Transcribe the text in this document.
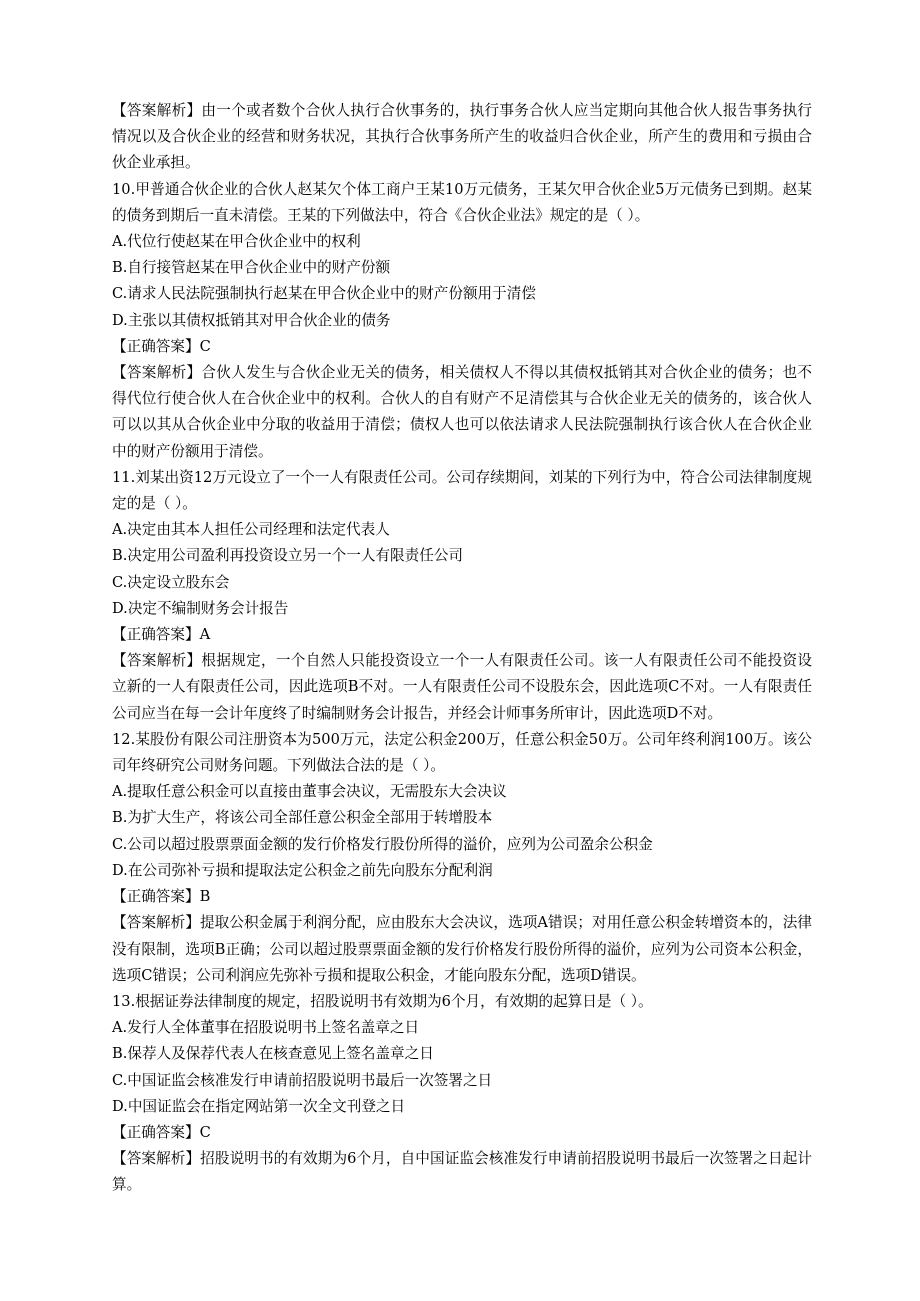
【答案解析】由一个或者数个合伙人执行合伙事务的，执行事务合伙人应当定期向其他合伙人报告事务执行情况以及合伙企业的经营和财务状况，其执行合伙事务所产生的收益归合伙企业，所产生的费用和亏损由合伙企业承担。

10.甲普通合伙企业的合伙人赵某欠个体工商户王某10万元债务，王某欠甲合伙企业5万元债务已到期。赵某的债务到期后一直未清偿。王某的下列做法中，符合《合伙企业法》规定的是（ ）。

A.代位行使赵某在甲合伙企业中的权利

B.自行接管赵某在甲合伙企业中的财产份额

C.请求人民法院强制执行赵某在甲合伙企业中的财产份额用于清偿

D.主张以其债权抵销其对甲合伙企业的债务

【正确答案】C

【答案解析】合伙人发生与合伙企业无关的债务，相关债权人不得以其债权抵销其对合伙企业的债务；也不得代位行使合伙人在合伙企业中的权利。合伙人的自有财产不足清偿其与合伙企业无关的债务的，该合伙人可以以其从合伙企业中分取的收益用于清偿；债权人也可以依法请求人民法院强制执行该合伙人在合伙企业中的财产份额用于清偿。

11.刘某出资12万元设立了一个一人有限责任公司。公司存续期间，刘某的下列行为中，符合公司法律制度规定的是（ ）。

A.决定由其本人担任公司经理和法定代表人

B.决定用公司盈利再投资设立另一个一人有限责任公司

C.决定设立股东会

D.决定不编制财务会计报告

【正确答案】A

【答案解析】根据规定，一个自然人只能投资设立一个一人有限责任公司。该一人有限责任公司不能投资设立新的一人有限责任公司，因此选项B不对。一人有限责任公司不设股东会，因此选项C不对。一人有限责任公司应当在每一会计年度终了时编制财务会计报告，并经会计师事务所审计，因此选项D不对。

12.某股份有限公司注册资本为500万元，法定公积金200万，任意公积金50万。公司年终利润100万。该公司年终研究公司财务问题。下列做法合法的是（ ）。

A.提取任意公积金可以直接由董事会决议，无需股东大会决议

B.为扩大生产，将该公司全部任意公积金全部用于转增股本

C.公司以超过股票票面金额的发行价格发行股份所得的溢价，应列为公司盈余公积金

D.在公司弥补亏损和提取法定公积金之前先向股东分配利润

【正确答案】B

【答案解析】提取公积金属于利润分配，应由股东大会决议，选项A错误；对用任意公积金转增资本的，法律没有限制，选项B正确；公司以超过股票票面金额的发行价格发行股份所得的溢价，应列为公司资本公积金，选项C错误；公司利润应先弥补亏损和提取公积金，才能向股东分配，选项D错误。

13.根据证券法律制度的规定，招股说明书有效期为6个月，有效期的起算日是（ ）。

A.发行人全体董事在招股说明书上签名盖章之日

B.保荐人及保荐代表人在核查意见上签名盖章之日

C.中国证监会核准发行申请前招股说明书最后一次签署之日

D.中国证监会在指定网站第一次全文刊登之日

【正确答案】C

【答案解析】招股说明书的有效期为6个月，自中国证监会核准发行申请前招股说明书最后一次签署之日起计算。
